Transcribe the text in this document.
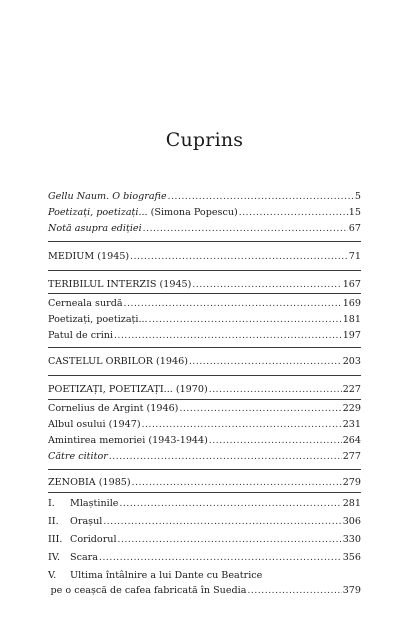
Cuprins
Gellu Naum. O biografie .....	5
Poetizați, poetizați... (Simona Popescu) .....	15
Notă asupra ediției .....	67
MEDIUM (1945) .....	71
TERIBILUL INTERZIS (1945) .....	167
Cerneala surdă .....	169
Poetizați, poetizați... .....	181
Patul de crini .....	197
CASTELUL ORBILOR (1946) .....	203
POETIZAȚI, POETIZAȚI... (1970) .....	227
Cornelius de Argint (1946) .....	229
Albul osului (1947) .....	231
Amintirea memoriei (1943-1944) .....	264
Către cititor .....	277
ZENOBIA (1985) .....	279
I. Mlaștinile .....	281
II. Orașul .....	306
III. Coridorul .....	330
IV. Scara .....	356
V. Ultima întâlnire a lui Dante cu Beatrice
pe o ceașcă de cafea fabricată în Suedia .....	379
